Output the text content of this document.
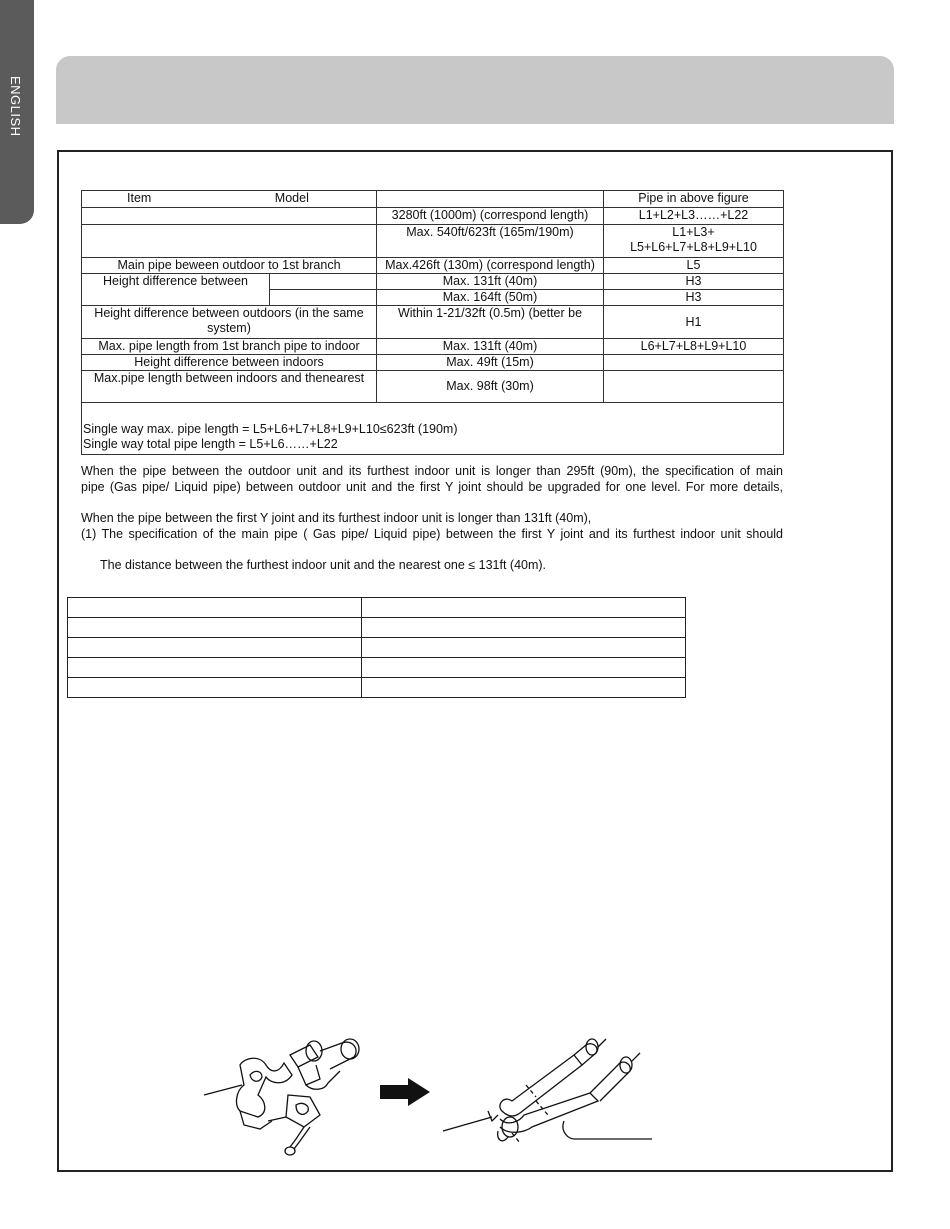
ENGLISH
Item Model			Pipe in above figure
		3280ft (1000m) (correspond length)	L1+L2+L3……+L22
		Max. 540ft/623ft (165m/190m)	L1+L3+
L5+L6+L7+L8+L9+L10

Main pipe beween outdoor to 1st branch		Max.426ft (130m) (correspond length)	L5
Height difference between		Max. 131ft (40m)	H3
		Max. 164ft (50m)	H3

Height difference between outdoors (in the same
system)		Within 1-21/32ft (0.5m) (better be	H1
Max. pipe length from 1st branch pipe to indoor		Max. 131ft (40m)	L6+L7+L8+L9+L10
Height difference between indoors		Max. 49ft (15m)	
Max.pipe length between indoors and thenearest		Max. 98ft (30m)	

Single way max. pipe length = L5+L6+L7+L8+L9+L10≤623ft (190m)
Single way total pipe length = L5+L6……+L22			
When the pipe between the outdoor unit and its furthest indoor unit is longer than 295ft (90m), the specification of main
pipe (Gas pipe/ Liquid pipe) between outdoor unit and the first Y joint should be upgraded for one level. For more details,
When the pipe between the first Y joint and its furthest indoor unit is longer than 131ft (40m),
(1) The specification of the main pipe ( Gas pipe/ Liquid pipe) between the first Y joint and its furthest indoor unit should
The distance between the furthest indoor unit and the nearest one ≤ 131ft (40m).
